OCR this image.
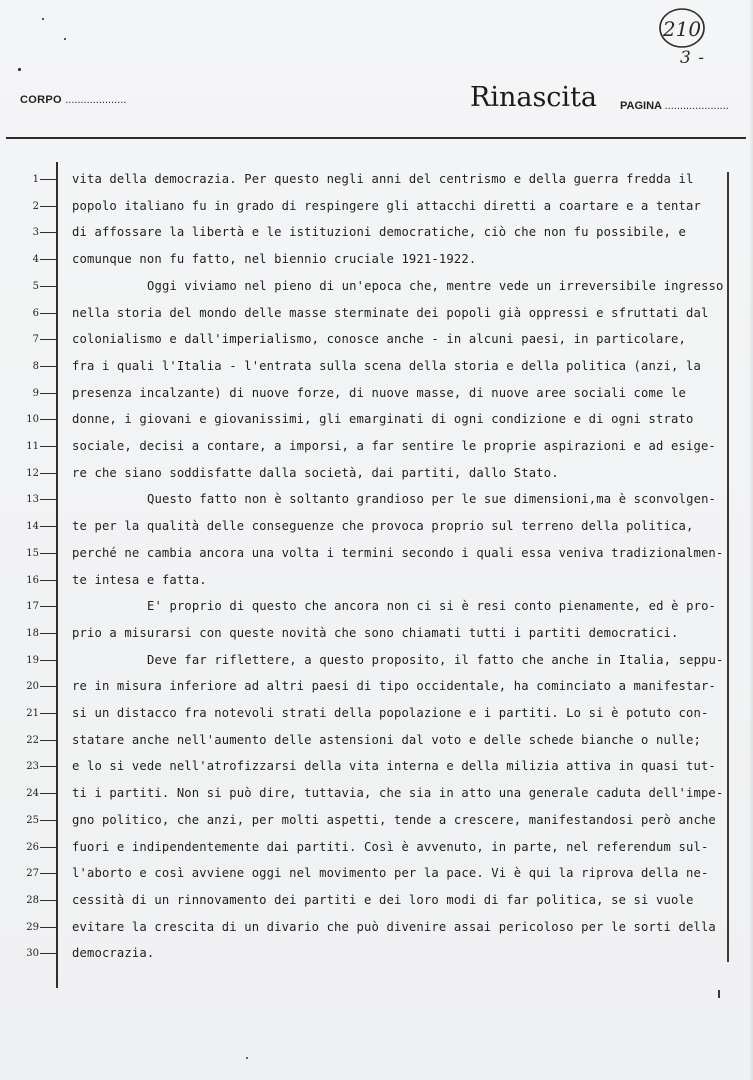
210
3 -
CORPO ....................	Rinascita PAGINA .....................
1
2
3
4
5
6
7
8
9
10
11
12
13
14
15
16
17
18
19
20
21
22
23
24
25
26
27
28
29
30
vita della democrazia. Per questo negli anni del centrismo e della guerra fredda il
popolo italiano fu in grado di respingere gli attacchi diretti a coartare e a tentar
di affossare la libertà e le istituzioni democratiche, ciò che non fu possibile, e
comunque non fu fatto, nel biennio cruciale 1921-1922.
Oggi viviamo nel pieno di un'epoca che, mentre vede un irreversibile ingresso
nella storia del mondo delle masse sterminate dei popoli già oppressi e sfruttati dal
colonialismo e dall'imperialismo, conosce anche - in alcuni paesi, in particolare,
fra i quali l'Italia - l'entrata sulla scena della storia e della politica (anzi, la
presenza incalzante) di nuove forze, di nuove masse, di nuove aree sociali come le
donne, i giovani e giovanissimi, gli emarginati di ogni condizione e di ogni strato
sociale, decisi a contare, a imporsi, a far sentire le proprie aspirazioni e ad esige-
re che siano soddisfatte dalla società, dai partiti, dallo Stato.
Questo fatto non è soltanto grandioso per le sue dimensioni,ma è sconvolgen-
te per la qualità delle conseguenze che provoca proprio sul terreno della politica,
perché ne cambia ancora una volta i termini secondo i quali essa veniva tradizionalmen-
te intesa e fatta.
E' proprio di questo che ancora non ci si è resi conto pienamente, ed è pro-
prio a misurarsi con queste novità che sono chiamati tutti i partiti democratici.
Deve far riflettere, a questo proposito, il fatto che anche in Italia, seppu-
re in misura inferiore ad altri paesi di tipo occidentale, ha cominciato a manifestar-
si un distacco fra notevoli strati della popolazione e i partiti. Lo si è potuto con-
statare anche nell'aumento delle astensioni dal voto e delle schede bianche o nulle;
e lo si vede nell'atrofizzarsi della vita interna e della milizia attiva in quasi tut-
ti i partiti. Non si può dire, tuttavia, che sia in atto una generale caduta dell'impe-
gno politico, che anzi, per molti aspetti, tende a crescere, manifestandosi però anche
fuori e indipendentemente dai partiti. Così è avvenuto, in parte, nel referendum sul-
l'aborto e così avviene oggi nel movimento per la pace. Vi è qui la riprova della ne-
cessità di un rinnovamento dei partiti e dei loro modi di far politica, se si vuole
evitare la crescita di un divario che può divenire assai pericoloso per le sorti della
democrazia.
